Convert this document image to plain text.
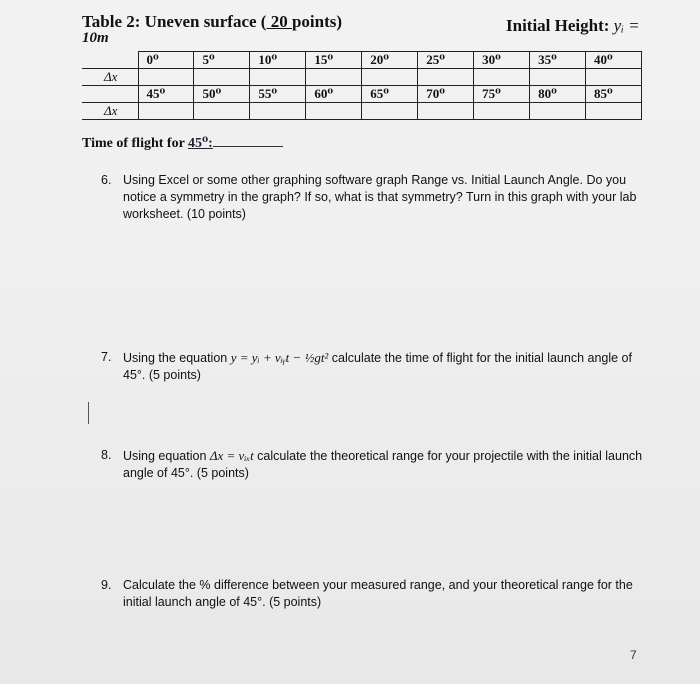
Table 2: Uneven surface ( 20 points)	Initial Height: yᵢ =
10m
	0⁰	5⁰	10⁰	15⁰	20⁰	25⁰	30⁰	35⁰	40⁰
Δx									
	45⁰	50⁰	55⁰	60⁰	65⁰	70⁰	75⁰	80⁰	85⁰
Δx									
Time of flight for 45⁰:
6. Using Excel or some other graphing software graph Range vs. Initial Launch Angle. Do you notice a symmetry in the graph? If so, what is that symmetry? Turn in this graph with your lab worksheet. (10 points)
7. Using the equation y = yᵢ + vᵢᵧt − ½gt² calculate the time of flight for the initial launch angle of 45°. (5 points)
8. Using equation Δx = vᵢₓt calculate the theoretical range for your projectile with the initial launch angle of 45°. (5 points)
9. Calculate the % difference between your measured range, and your theoretical range for the initial launch angle of 45°. (5 points)
7
